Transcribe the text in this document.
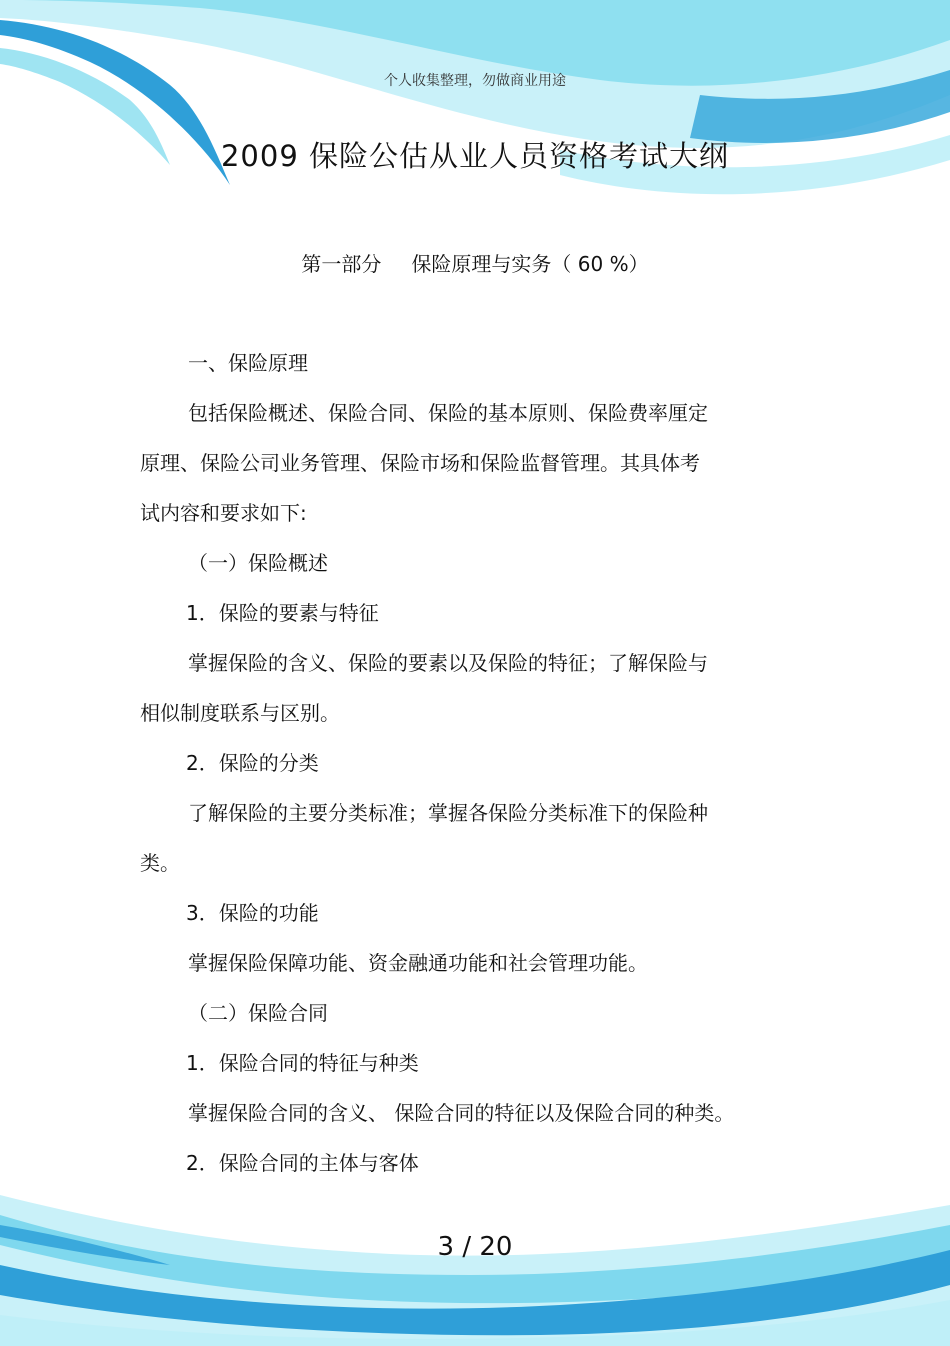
个人收集整理，勿做商业用途
2009 保险公估从业人员资格考试大纲
第一部分 保险原理与实务（ 60 %）
一、保险原理
包括保险概述、保险合同、保险的基本原则、保险费率厘定
原理、保险公司业务管理、保险市场和保险监督管理。其具体考
试内容和要求如下:
（一）保险概述
1．保险的要素与特征
掌握保险的含义、保险的要素以及保险的特征；了解保险与
相似制度联系与区别。
2．保险的分类
了解保险的主要分类标准；掌握各保险分类标准下的保险种
类。
3．保险的功能
掌握保险保障功能、资金融通功能和社会管理功能。
（二）保险合同
1．保险合同的特征与种类
掌握保险合同的含义、 保险合同的特征以及保险合同的种类。
2．保险合同的主体与客体
3 / 20
